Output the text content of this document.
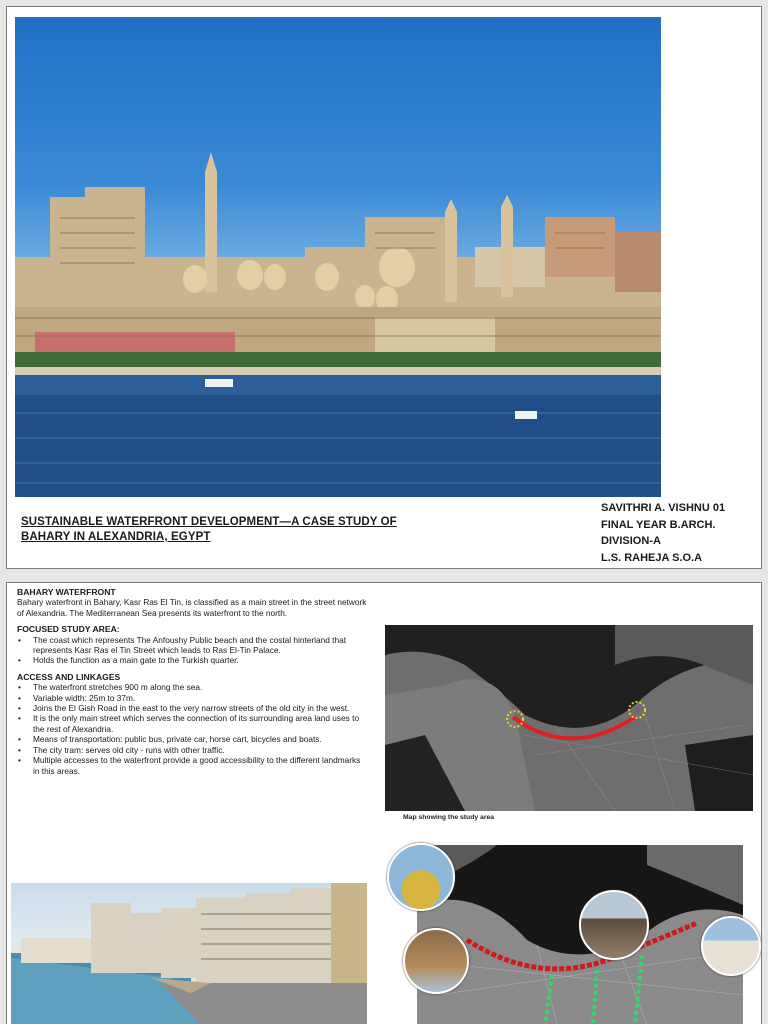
SUSTAINABLE WATERFRONT DEVELOPMENT—A CASE STUDY OF BAHARY IN ALEXANDRIA, EGYPT
SAVITHRI A. VISHNU 01
FINAL YEAR B.ARCH.
DIVISION-A
L.S. RAHEJA S.O.A
BAHARY WATERFRONT

Bahary waterfront in Bahary, Kasr Ras El Tin, is classified as a main street in the street network of Alexandria. The Mediterranean Sea presents its waterfront to the north.

FOCUSED STUDY AREA:
• The coast which represents The Anfoushy Public beach and the costal hinterland that represents Kasr Ras el Tin Street which leads to Ras El-Tin Palace.
• Holds the function as a main gate to the Turkish quarter.
ACCESS AND LINKAGES
• The waterfront stretches 900 m along the sea.
• Variable width: 25m to 37m.
• Joins the El Gish Road in the east to the very narrow streets of the old city in the west.
• It is the only main street which serves the connection of its surrounding area land uses to the rest of Alexandria.
• Means of transportation: public bus, private car, horse cart, bicycles and boats.
• The city tram: serves old city - runs with other traffic.
• Multiple accesses to the waterfront provide a good accessibility to the different landmarks in this areas.
Map showing the study area
